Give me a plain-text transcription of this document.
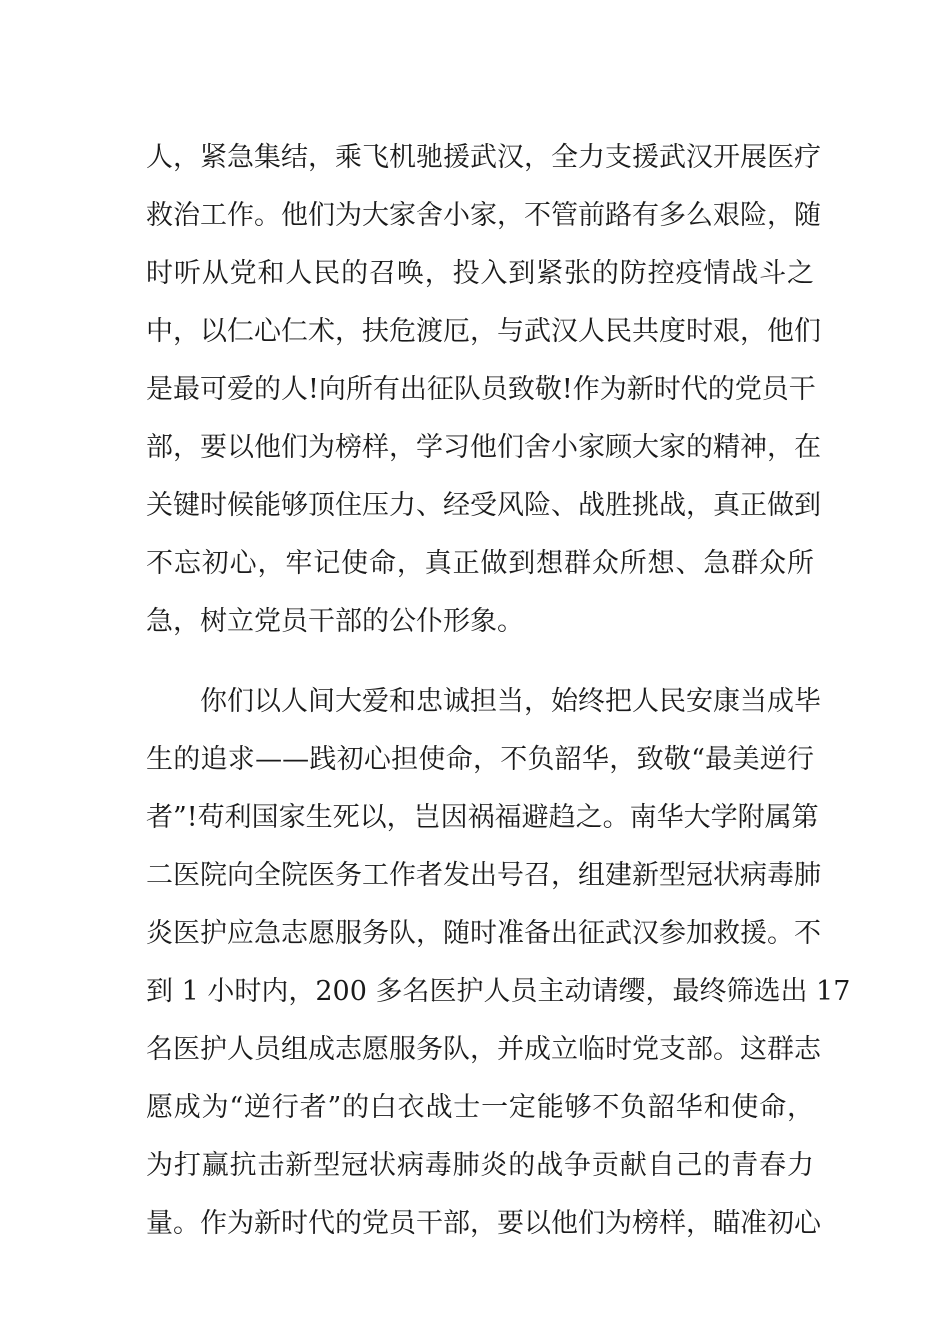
人，紧急集结，乘飞机驰援武汉，全力支援武汉开展医疗
救治工作。他们为大家舍小家，不管前路有多么艰险，随
时听从党和人民的召唤，投入到紧张的防控疫情战斗之
中，以仁心仁术，扶危渡厄，与武汉人民共度时艰，他们
是最可爱的人!向所有出征队员致敬!作为新时代的党员干
部，要以他们为榜样，学习他们舍小家顾大家的精神，在
关键时候能够顶住压力、经受风险、战胜挑战，真正做到
不忘初心，牢记使命，真正做到想群众所想、急群众所
急，树立党员干部的公仆形象。
你们以人间大爱和忠诚担当，始终把人民安康当成毕
生的追求——践初心担使命，不负韶华，致敬“最美逆行
者”!苟利国家生死以，岂因祸福避趋之。南华大学附属第
二医院向全院医务工作者发出号召，组建新型冠状病毒肺
炎医护应急志愿服务队，随时准备出征武汉参加救援。不
到 1 小时内，200 多名医护人员主动请缨，最终筛选出 17
名医护人员组成志愿服务队，并成立临时党支部。这群志
愿成为“逆行者”的白衣战士一定能够不负韶华和使命，
为打赢抗击新型冠状病毒肺炎的战争贡献自己的青春力
量。作为新时代的党员干部，要以他们为榜样，瞄准初心
